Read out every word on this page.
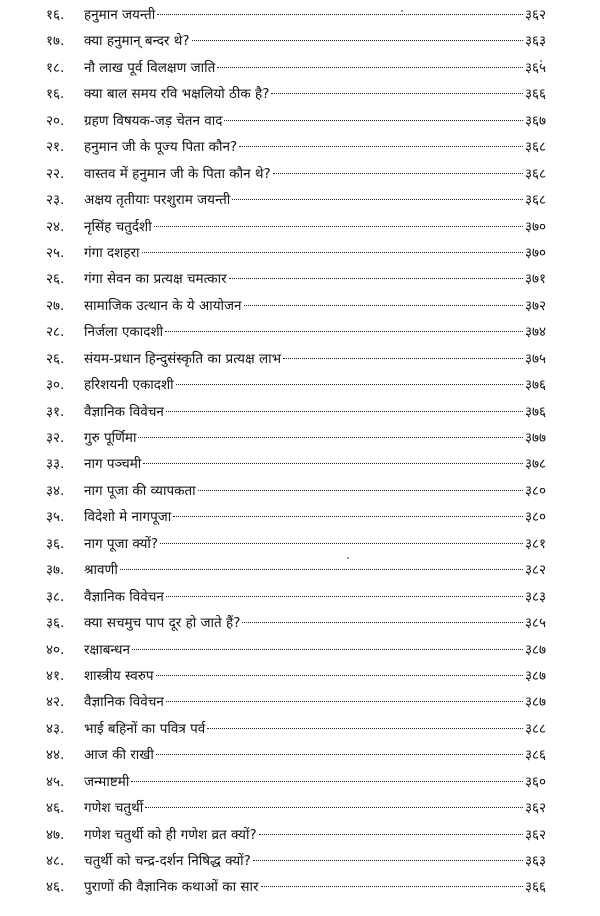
१६.	हनुमान जयन्ती	३६२
१७.	क्या हनुमान् बन्दर थे?	३६३
१८.	नौ लाख पूर्व विलक्षण जाति	३६५
१६.	क्या बाल समय रवि भक्षलियो ठीक है?	३६६
२०.	ग्रहण विषयक-जड़ चेतन वाद	३६७
२१.	हनुमान जी के पूज्य पिता कौन?	३६८
२२.	वास्तव में हनुमान जी के पिता कौन थे?	३६८
२३.	अक्षय तृतीयाः परशुराम जयन्ती	३६८
२४.	नृसिंह चतुर्दशी	३७०
२५.	गंगा दशहरा	३७०
२६.	गंगा सेवन का प्रत्यक्ष चमत्कार	३७१
२७.	सामाजिक उत्थान के ये आयोजन	३७२
२८.	निर्जला एकादशी	३७४
२६.	संयम-प्रधान हिन्दुसंस्कृति का प्रत्यक्ष लाभ	३७५
३०.	हरिशयनी एकादशी	३७६
३१.	वैज्ञानिक विवेचन	३७६
३२.	गुरु पूर्णिमा	३७७
३३.	नाग पञ्चमी	३७८
३४.	नाग पूजा की व्यापकता	३८०
३५.	विदेशो मे नागपूजा	३८०
३६.	नाग पूजा क्यों?	३८१
३७.	श्रावणी	३८२
३८.	वैज्ञानिक विवेचन	३८३
३६.	क्या सचमुच पाप दूर हो जाते हैं?	३८५
४०.	रक्षाबन्धन	३८७
४१.	शास्त्रीय स्वरुप	३८७
४२.	वैज्ञानिक विवेचन	३८७
४३.	भाई बहिनों का पवित्र पर्व	३८८
४४.	आज की राखी	३८६
४५.	जन्माष्टमी	३६०
४६.	गणेश चतुर्थी	३६२
४७.	गणेश चतुर्थी को ही गणेश व्रत क्यों?	३६२
४८.	चतुर्थी को चन्द्र-दर्शन निषिद्ध क्यों?	३६३
४६.	पुराणों की वैज्ञानिक कथाओं का सार	३६६
